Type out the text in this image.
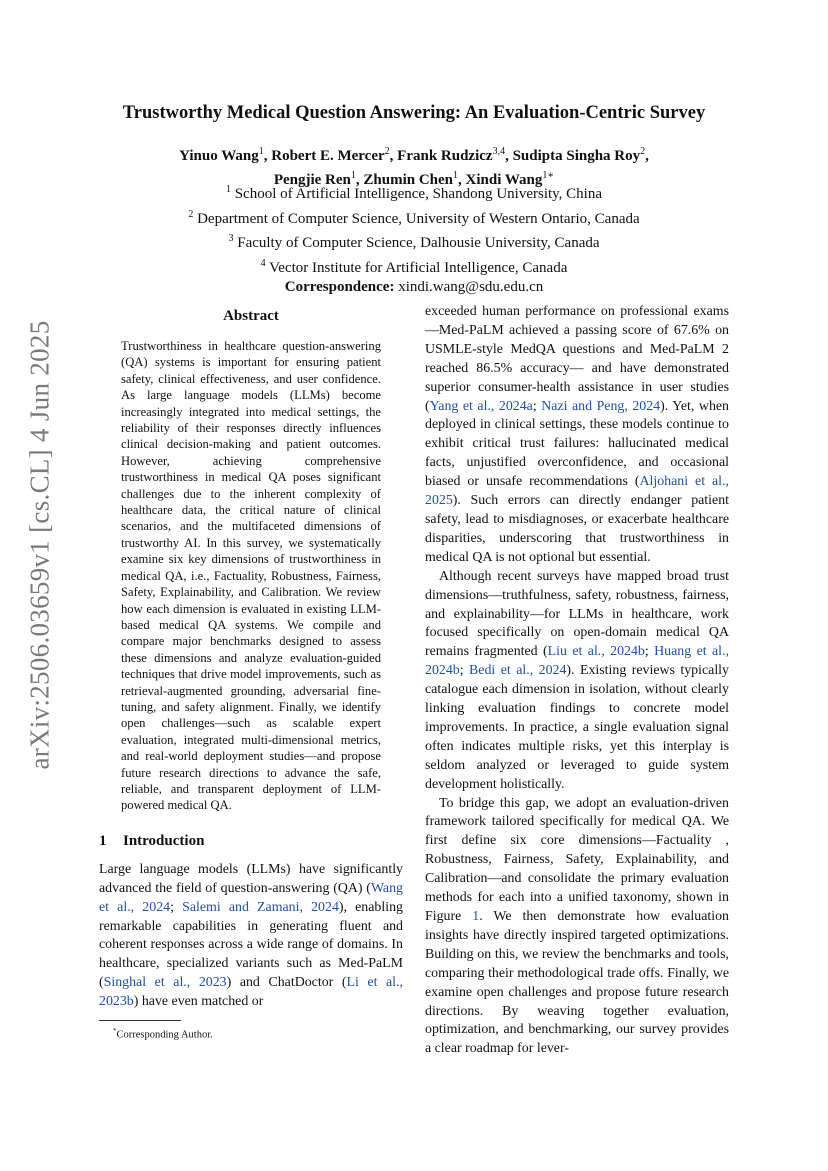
arXiv:2506.03659v1 [cs.CL] 4 Jun 2025
Trustworthy Medical Question Answering: An Evaluation-Centric Survey
Yinuo Wang$^1$, Robert E. Mercer$^2$, Frank Rudzicz$^{3,4}$, Sudipta Singha Roy$^2$,
Pengjie Ren$^1$, Zhumin Chen$^1$, Xindi Wang$^{1∗}$
$^1$ School of Artificial Intelligence, Shandong University, China
$^2$ Department of Computer Science, University of Western Ontario, Canada
$^3$ Faculty of Computer Science, Dalhousie University, Canada
$^4$ Vector Institute for Artificial Intelligence, Canada
Correspondence: xindi.wang@sdu.edu.cn
Abstract

Trustworthiness in healthcare question-answering (QA) systems is important for ensuring patient safety, clinical effectiveness, and user confidence. As large language models (LLMs) become increasingly integrated into medical settings, the reliability of their responses directly influences clinical decision-making and patient outcomes. However, achieving comprehensive trustworthiness in medical QA poses significant challenges due to the inherent complexity of healthcare data, the critical nature of clinical scenarios, and the multifaceted dimensions of trustworthy AI. In this survey, we systematically examine six key dimensions of trustworthiness in medical QA, i.e., Factuality, Robustness, Fairness, Safety, Explainability, and Calibration. We review how each dimension is evaluated in existing LLM-based medical QA systems. We compile and compare major benchmarks designed to assess these dimensions and analyze evaluation-guided techniques that drive model improvements, such as retrieval-augmented grounding, adversarial fine-tuning, and safety alignment. Finally, we identify open challenges—such as scalable expert evaluation, integrated multi-dimensional metrics, and real-world deployment studies—and propose future research directions to advance the safe, reliable, and transparent deployment of LLM-powered medical QA.

1 Introduction

Large language models (LLMs) have significantly advanced the field of question-answering (QA) (Wang et al., 2024; Salemi and Zamani, 2024), enabling remarkable capabilities in generating fluent and coherent responses across a wide range of domains. In healthcare, specialized variants such as Med-PaLM (Singhal et al., 2023) and ChatDoctor (Li et al., 2023b) have even matched or

*Corresponding Author.

exceeded human performance on professional exams —Med-PaLM achieved a passing score of 67.6% on USMLE-style MedQA questions and Med-PaLM 2 reached 86.5% accuracy— and have demonstrated superior consumer-health assistance in user studies (Yang et al., 2024a; Nazi and Peng, 2024). Yet, when deployed in clinical settings, these models continue to exhibit critical trust failures: hallucinated medical facts, unjustified overconfidence, and occasional biased or unsafe recommendations (Aljohani et al., 2025). Such errors can directly endanger patient safety, lead to misdiagnoses, or exacerbate healthcare disparities, underscoring that trustworthiness in medical QA is not optional but essential.

Although recent surveys have mapped broad trust dimensions—truthfulness, safety, robustness, fairness, and explainability—for LLMs in healthcare, work focused specifically on open-domain medical QA remains fragmented (Liu et al., 2024b; Huang et al., 2024b; Bedi et al., 2024). Existing reviews typically catalogue each dimension in isolation, without clearly linking evaluation findings to concrete model improvements. In practice, a single evaluation signal often indicates multiple risks, yet this interplay is seldom analyzed or leveraged to guide system development holistically.

To bridge this gap, we adopt an evaluation-driven framework tailored specifically for medical QA. We first define six core dimensions—Factuality , Robustness, Fairness, Safety, Explainability, and Calibration—and consolidate the primary evaluation methods for each into a unified taxonomy, shown in Figure 1. We then demonstrate how evaluation insights have directly inspired targeted optimizations. Building on this, we review the benchmarks and tools, comparing their methodological trade offs. Finally, we examine open challenges and propose future research directions. By weaving together evaluation, optimization, and benchmarking, our survey provides a clear roadmap for lever-
